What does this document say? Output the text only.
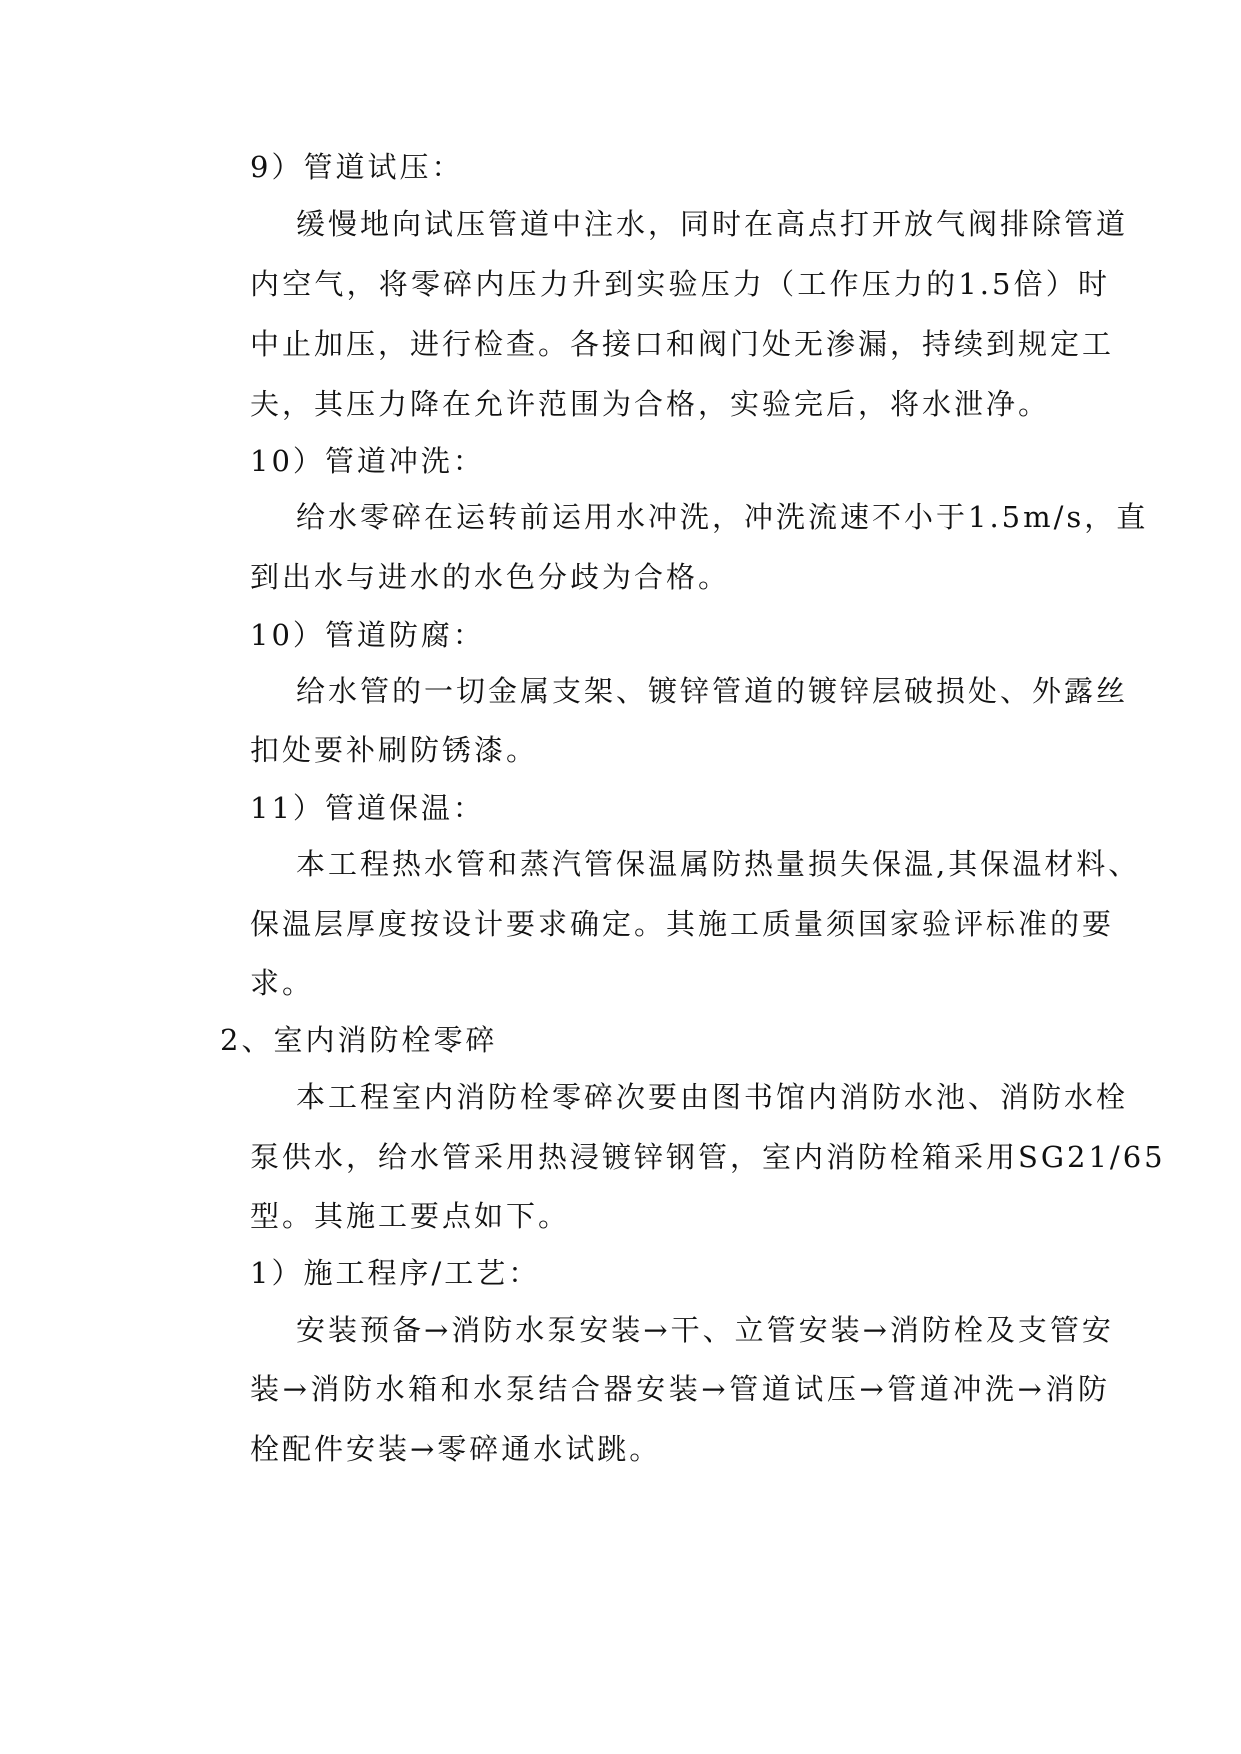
9）管道试压：
缓慢地向试压管道中注水，同时在高点打开放气阀排除管道
内空气，将零碎内压力升到实验压力（工作压力的1.5倍）时
中止加压，进行检查。各接口和阀门处无渗漏，持续到规定工
夫，其压力降在允许范围为合格，实验完后，将水泄净。
10）管道冲洗：
给水零碎在运转前运用水冲洗，冲洗流速不小于1.5m/s，直
到出水与进水的水色分歧为合格。
10）管道防腐：
给水管的一切金属支架、镀锌管道的镀锌层破损处、外露丝
扣处要补刷防锈漆。
11）管道保温：
本工程热水管和蒸汽管保温属防热量损失保温,其保温材料、
保温层厚度按设计要求确定。其施工质量须国家验评标准的要
求。
2、室内消防栓零碎
本工程室内消防栓零碎次要由图书馆内消防水池、消防水栓
泵供水，给水管采用热浸镀锌钢管，室内消防栓箱采用SG21/65
型。其施工要点如下。
1）施工程序/工艺：
安装预备→消防水泵安装→干、立管安装→消防栓及支管安
装→消防水箱和水泵结合器安装→管道试压→管道冲洗→消防
栓配件安装→零碎通水试跳。
